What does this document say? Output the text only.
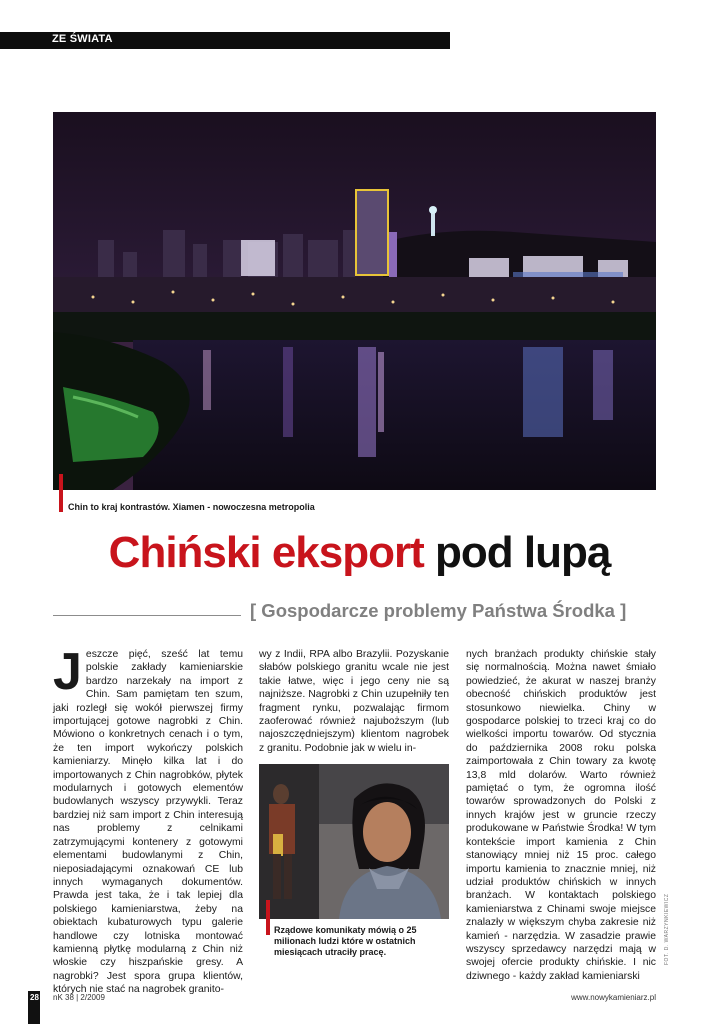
ZE ŚWIATA
Chin to kraj kontrastów. Xiamen - nowoczesna metropolia
Chiński eksport pod lupą
[ Gospodarcze problemy Państwa Środka ]
Jeszcze pięć, sześć lat temu polskie zakłady kamieniarskie bardzo narzekały na import z Chin. Sam pamiętam ten szum, jaki rozległ się wokół pierwszej firmy importującej gotowe nagrobki z Chin. Mówiono o konkretnych cenach i o tym, że ten import wykończy polskich kamieniarzy. Minęło kilka lat i do importowanych z Chin nagrobków, płytek modularnych i gotowych elementów budowlanych wszyscy przywykli. Teraz bardziej niż sam import z Chin interesują nas problemy z celnikami zatrzymującymi kontenery z gotowymi elementami budowlanymi z Chin, nieposiadającymi oznakowań CE lub innych wymaganych dokumentów. Prawda jest taka, że i tak lepiej dla polskiego kamieniarstwa, żeby na obiektach kubaturowych typu galerie handlowe czy lotniska montować kamienną płytkę modularną z Chin niż włoskie czy hiszpańskie gresy. A nagrobki? Jest spora grupa klientów, których nie stać na nagrobek granito-
wy z Indii, RPA albo Brazylii. Pozyskanie słabów polskiego granitu wcale nie jest takie łatwe, więc i jego ceny nie są najniższe. Nagrobki z Chin uzupełniły ten fragment rynku, pozwalając firmom zaoferować również najuboższym (lub najoszczędniejszym) klientom nagrobek z granitu. Podobnie jak w wielu in-
Rządowe komunikaty mówią o 25 milionach ludzi które w ostatnich miesiącach utraciły pracę.
nych branżach produkty chińskie stały się normalnością. Można nawet śmiało powiedzieć, że akurat w naszej branży obecność chińskich produktów jest stosunkowo niewielka. Chiny w gospodarce polskiej to trzeci kraj co do wielkości importu towarów. Od stycznia do października 2008 roku polska zaimportowała z Chin towary za kwotę 13,8 mld dolarów. Warto również pamiętać o tym, że ogromna ilość towarów sprowadzonych do Polski z innych krajów jest w gruncie rzeczy produkowane w Państwie Środka! W tym kontekście import kamienia z Chin stanowiący mniej niż 15 proc. całego importu kamienia to znacznie mniej, niż udział produktów chińskich w innych branżach. W kontaktach polskiego kamieniarstwa z Chinami swoje miejsce znalazły w większym chyba zakresie niż kamień - narzędzia. W zasadzie prawie wszyscy sprzedawcy narzędzi mają w swojej ofercie produkty chińskie. I nic dziwnego - każdy zakład kamieniarski
FOT. D. WARZYNKIEWICZ
28 nK 38 | 2/2009	www.nowykamieniarz.pl
